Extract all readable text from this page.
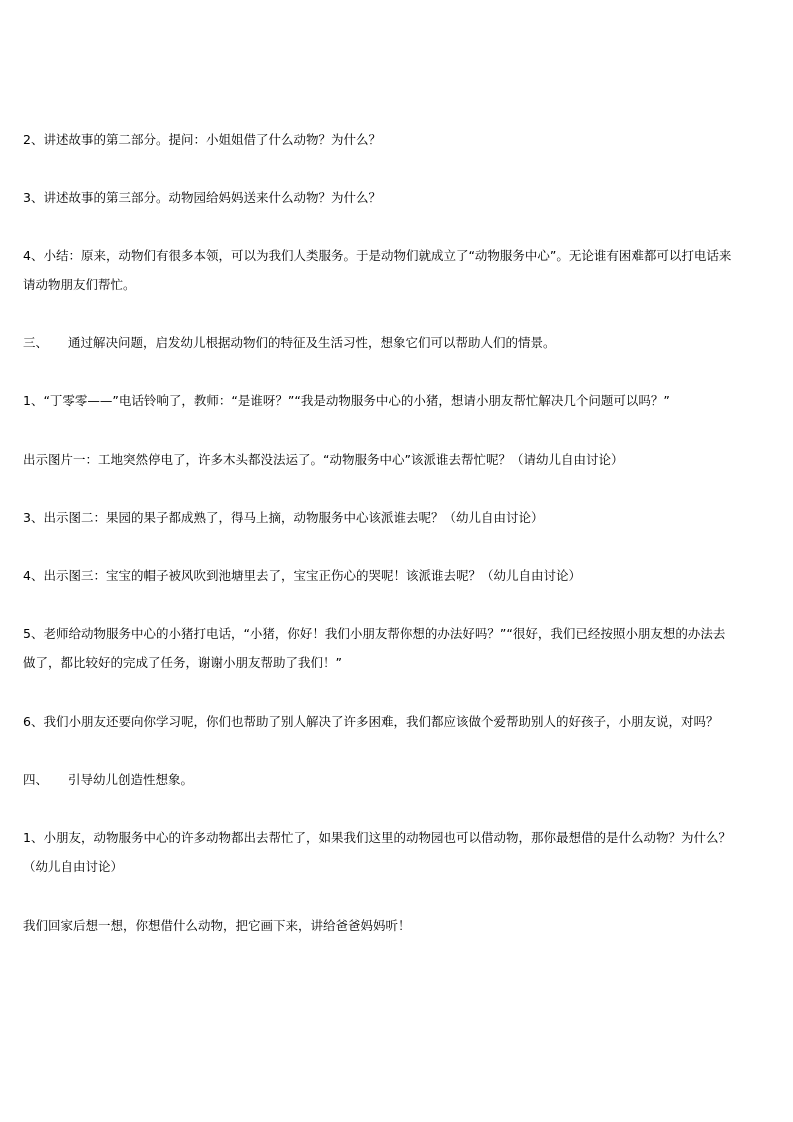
2、讲述故事的第二部分。提问：小姐姐借了什么动物？为什么？

3、讲述故事的第三部分。动物园给妈妈送来什么动物？为什么？

4、小结：原来，动物们有很多本领，可以为我们人类服务。于是动物们就成立了“动物服务中心”。无论谁有困难都可以打电话来
请动物朋友们帮忙。

三、 通过解决问题，启发幼儿根据动物们的特征及生活习性，想象它们可以帮助人们的情景。

1、“丁零零——”电话铃响了，教师：“是谁呀？”“我是动物服务中心的小猪，想请小朋友帮忙解决几个问题可以吗？”

出示图片一：工地突然停电了，许多木头都没法运了。“动物服务中心”该派谁去帮忙呢？（请幼儿自由讨论）

3、出示图二：果园的果子都成熟了，得马上摘，动物服务中心该派谁去呢？（幼儿自由讨论）

4、出示图三：宝宝的帽子被风吹到池塘里去了，宝宝正伤心的哭呢！该派谁去呢？（幼儿自由讨论）

5、老师给动物服务中心的小猪打电话，“小猪，你好！我们小朋友帮你想的办法好吗？”“很好，我们已经按照小朋友想的办法去
做了，都比较好的完成了任务，谢谢小朋友帮助了我们！”

6、我们小朋友还要向你学习呢，你们也帮助了别人解决了许多困难，我们都应该做个爱帮助别人的好孩子，小朋友说，对吗？

四、 引导幼儿创造性想象。

1、小朋友，动物服务中心的许多动物都出去帮忙了，如果我们这里的动物园也可以借动物，那你最想借的是什么动物？为什么？
（幼儿自由讨论）

我们回家后想一想，你想借什么动物，把它画下来，讲给爸爸妈妈听！
